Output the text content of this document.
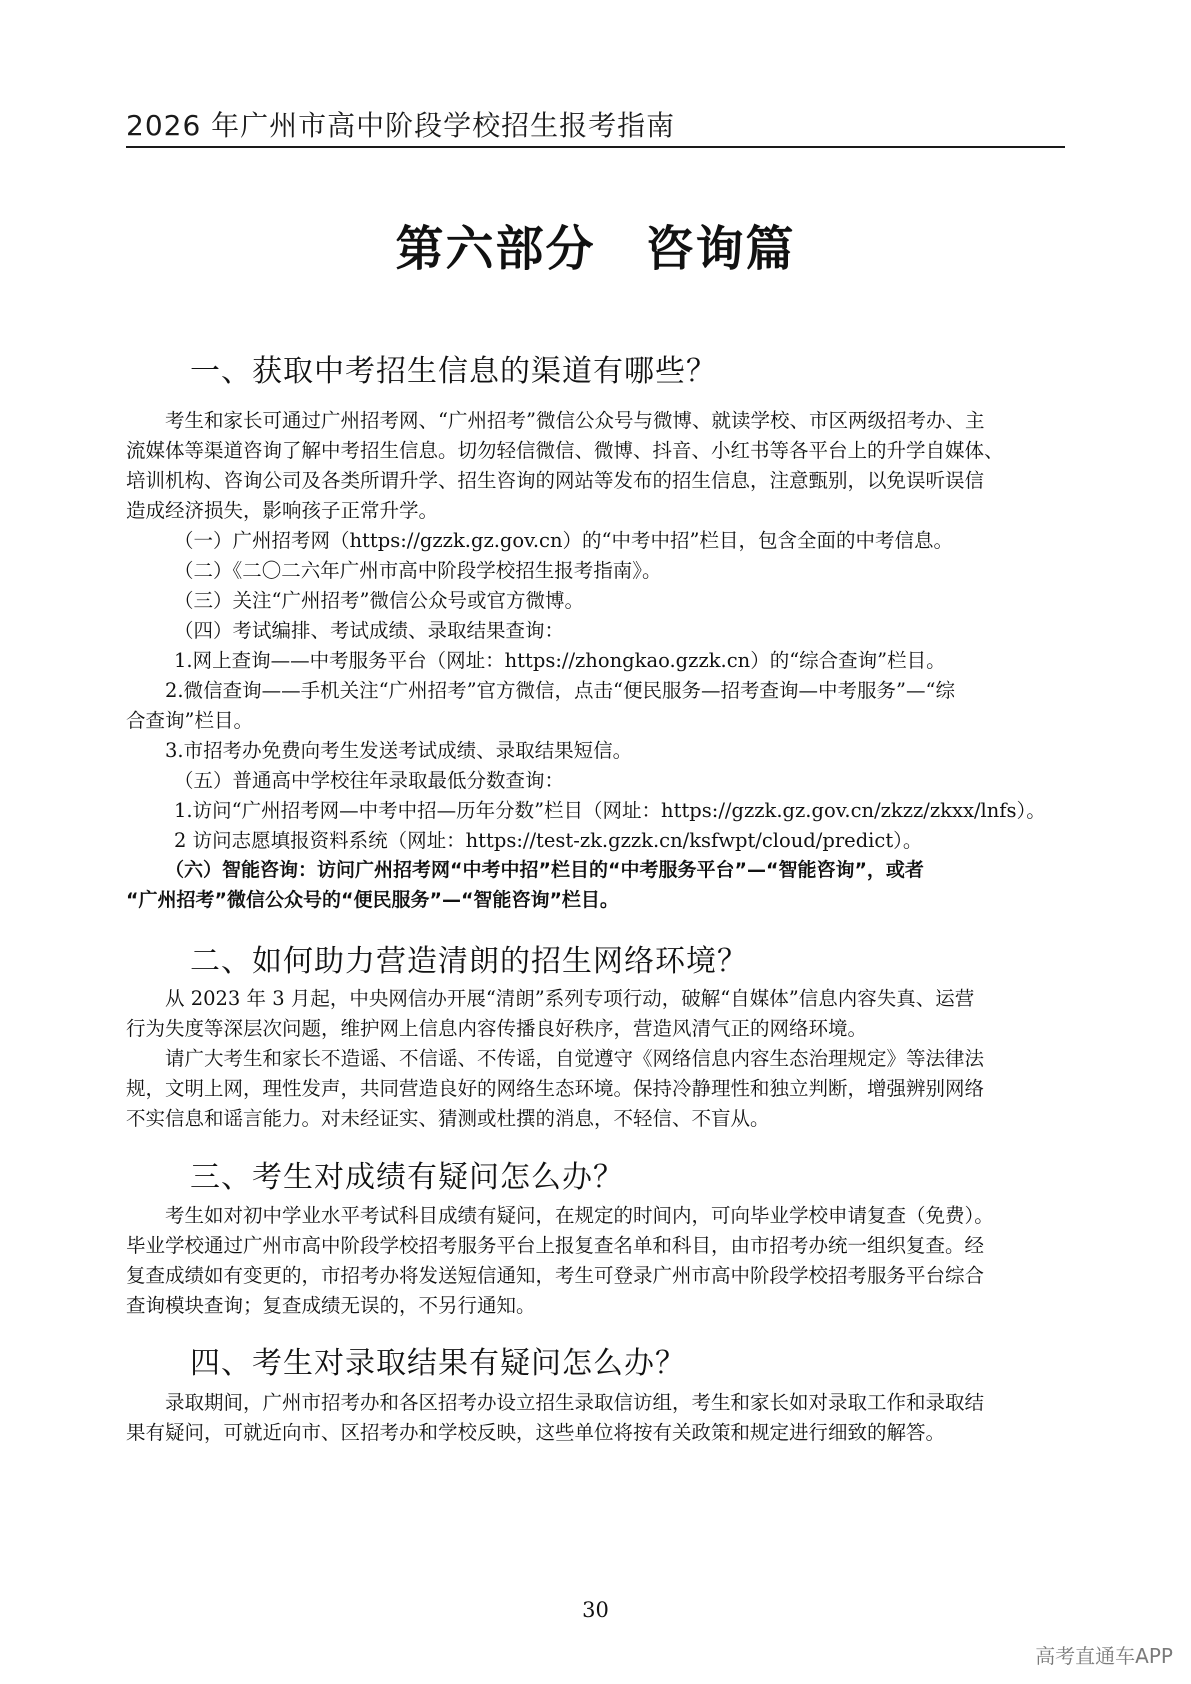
2026 年广州市高中阶段学校招生报考指南
第六部分　咨询篇
一、获取中考招生信息的渠道有哪些？
考生和家长可通过广州招考网、“广州招考”微信公众号与微博、就读学校、市区两级招考办、主
流媒体等渠道咨询了解中考招生信息。切勿轻信微信、微博、抖音、小红书等各平台上的升学自媒体、
培训机构、咨询公司及各类所谓升学、招生咨询的网站等发布的招生信息，注意甄别，以免误听误信
造成经济损失，影响孩子正常升学。
（一）广州招考网（https://gzzk.gz.gov.cn）的“中考中招”栏目，包含全面的中考信息。
（二）《二〇二六年广州市高中阶段学校招生报考指南》。
（三）关注“广州招考”微信公众号或官方微博。
（四）考试编排、考试成绩、录取结果查询：
1.网上查询——中考服务平台（网址：https://zhongkao.gzzk.cn）的“综合查询”栏目。
2.微信查询——手机关注“广州招考”官方微信，点击“便民服务—招考查询—中考服务”—“综
合查询”栏目。
3.市招考办免费向考生发送考试成绩、录取结果短信。
（五）普通高中学校往年录取最低分数查询：
1.访问“广州招考网—中考中招—历年分数”栏目（网址：https://gzzk.gz.gov.cn/zkzz/zkxx/lnfs）。
2 访问志愿填报资料系统（网址：https://test-zk.gzzk.cn/ksfwpt/cloud/predict）。
（六）智能咨询：访问广州招考网“中考中招”栏目的“中考服务平台”—“智能咨询”，或者
“广州招考”微信公众号的“便民服务”—“智能咨询”栏目。
二、如何助力营造清朗的招生网络环境？
从 2023 年 3 月起，中央网信办开展“清朗”系列专项行动，破解“自媒体”信息内容失真、运营
行为失度等深层次问题，维护网上信息内容传播良好秩序，营造风清气正的网络环境。
请广大考生和家长不造谣、不信谣、不传谣，自觉遵守《网络信息内容生态治理规定》等法律法
规，文明上网，理性发声，共同营造良好的网络生态环境。保持冷静理性和独立判断，增强辨别网络
不实信息和谣言能力。对未经证实、猜测或杜撰的消息，不轻信、不盲从。
三、考生对成绩有疑问怎么办？
考生如对初中学业水平考试科目成绩有疑问，在规定的时间内，可向毕业学校申请复查（免费）。
毕业学校通过广州市高中阶段学校招考服务平台上报复查名单和科目，由市招考办统一组织复查。经
复查成绩如有变更的，市招考办将发送短信通知，考生可登录广州市高中阶段学校招考服务平台综合
查询模块查询；复查成绩无误的，不另行通知。
四、考生对录取结果有疑问怎么办？
录取期间，广州市招考办和各区招考办设立招生录取信访组，考生和家长如对录取工作和录取结
果有疑问，可就近向市、区招考办和学校反映，这些单位将按有关政策和规定进行细致的解答。
30
高考直通车APP
